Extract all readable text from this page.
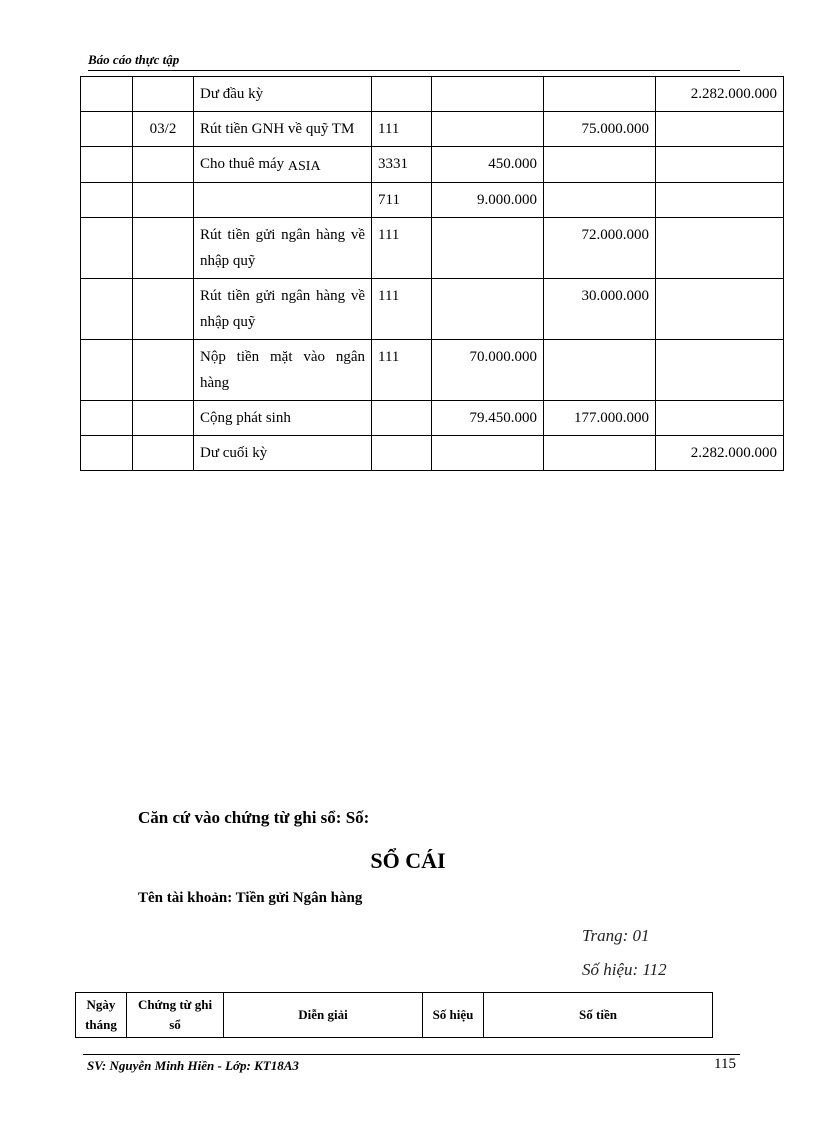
Báo cáo thực tập
		Dư đầu kỳ				2.282.000.000
	03/2	Rút tiền GNH về quỹ TM	111		75.000.000	
		Cho thuê máy ASIA	3331	450.000		
			711	9.000.000		
		Rút tiền gửi ngân hàng về nhập quỹ	111		72.000.000	
		Rút tiền gửi ngân hàng về nhập quỹ	111		30.000.000	
		Nộp tiền mặt vào ngân hàng	111	70.000.000		
		Cộng phát sinh		79.450.000	177.000.000	
		Dư cuối kỳ				2.282.000.000
Căn cứ vào chứng từ ghi sổ: Số:
SỔ CÁI
Tên tài khoản: Tiền gửi Ngân hàng
Trang: 01
Số hiệu: 112
Ngày tháng	Chứng từ ghi sổ	Diễn giải	Số hiệu	Số tiền
SV: Nguyễn Minh Hiền - Lớp: KT18A3	115
